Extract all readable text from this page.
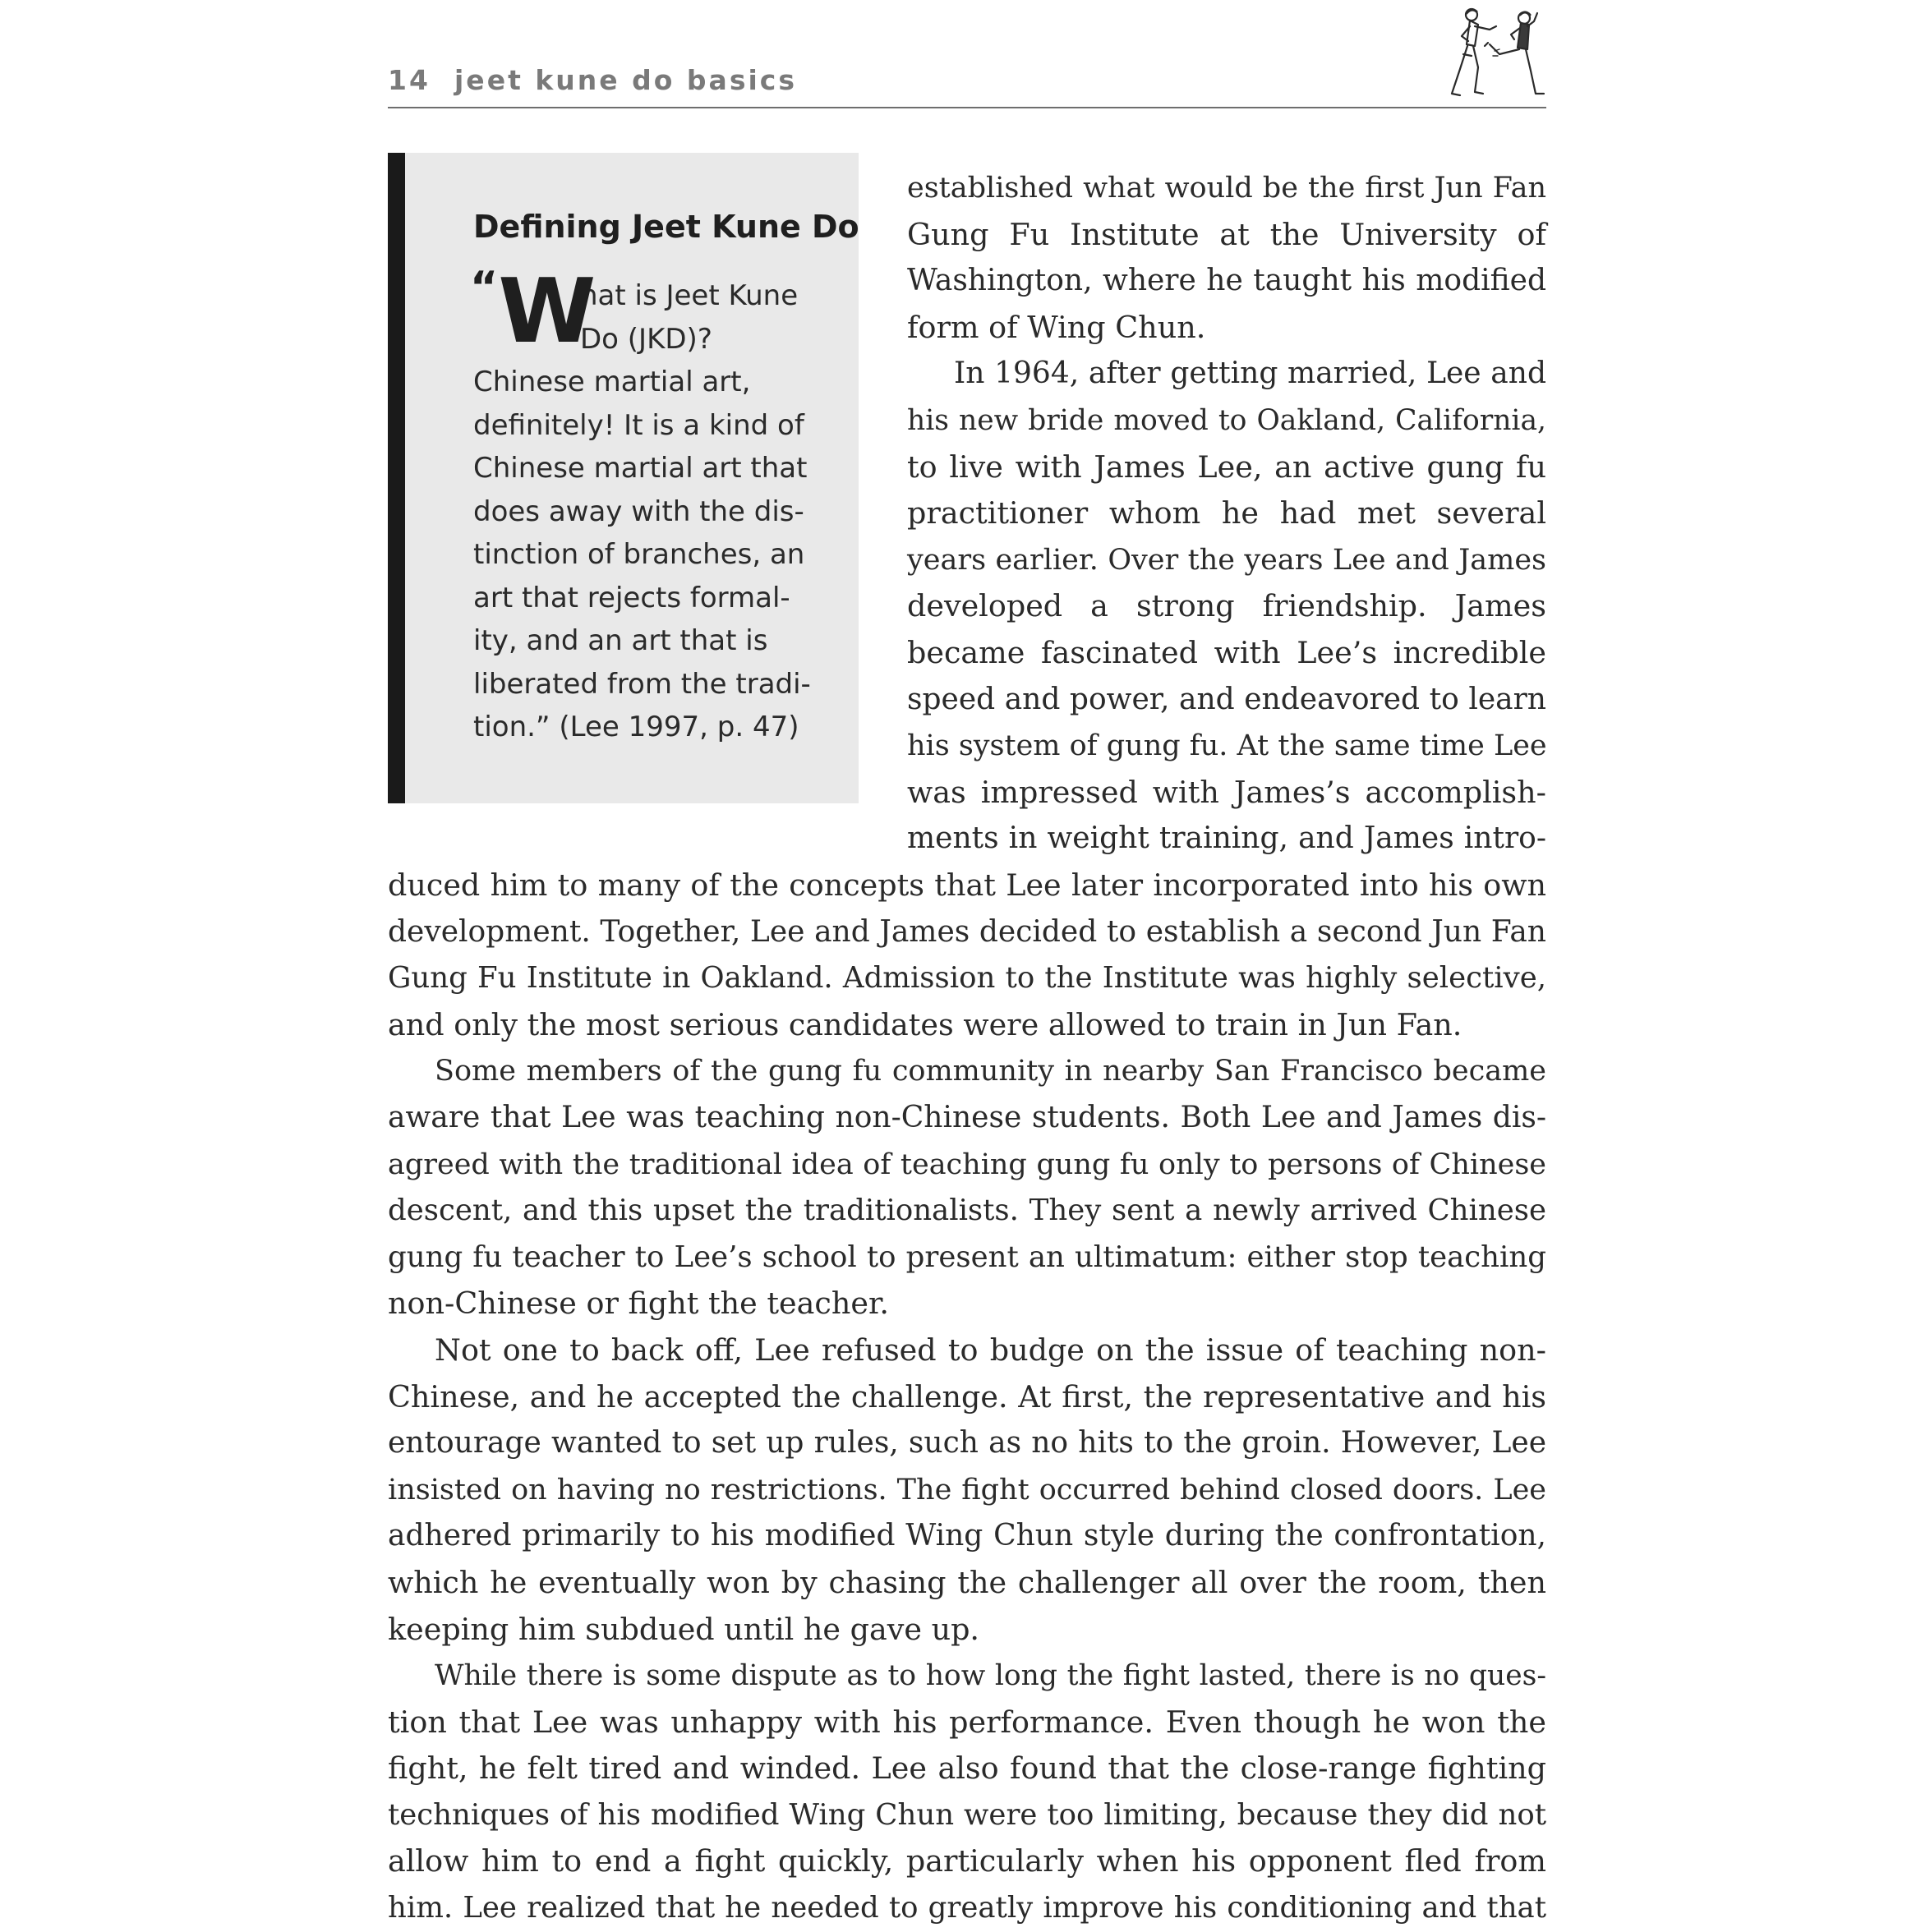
14 jeet kune do basics
Defining Jeet Kune Do
“W
hat is Jeet Kune
Do (JKD)?
Chinese martial art,
definitely! It is a kind of
Chinese martial art that
does away with the dis-
tinction of branches, an
art that rejects formal-
ity, and an art that is
liberated from the tradi-
tion.” (Lee 1997, p. 47)
established what would be the first Jun Fan
Gung Fu Institute at the University of
Washington, where he taught his modified
form of Wing Chun.
In 1964, after getting married, Lee and
his new bride moved to Oakland, California,
to live with James Lee, an active gung fu
practitioner whom he had met several
years earlier. Over the years Lee and James
developed a strong friendship. James
became fascinated with Lee’s incredible
speed and power, and endeavored to learn
his system of gung fu. At the same time Lee
was impressed with James’s accomplish-
ments in weight training, and James intro-
duced him to many of the concepts that Lee later incorporated into his own
development. Together, Lee and James decided to establish a second Jun Fan
Gung Fu Institute in Oakland. Admission to the Institute was highly selective,
and only the most serious candidates were allowed to train in Jun Fan.
Some members of the gung fu community in nearby San Francisco became
aware that Lee was teaching non-Chinese students. Both Lee and James dis-
agreed with the traditional idea of teaching gung fu only to persons of Chinese
descent, and this upset the traditionalists. They sent a newly arrived Chinese
gung fu teacher to Lee’s school to present an ultimatum: either stop teaching
non-Chinese or fight the teacher.
Not one to back off, Lee refused to budge on the issue of teaching non-
Chinese, and he accepted the challenge. At first, the representative and his
entourage wanted to set up rules, such as no hits to the groin. However, Lee
insisted on having no restrictions. The fight occurred behind closed doors. Lee
adhered primarily to his modified Wing Chun style during the confrontation,
which he eventually won by chasing the challenger all over the room, then
keeping him subdued until he gave up.
While there is some dispute as to how long the fight lasted, there is no ques-
tion that Lee was unhappy with his performance. Even though he won the
fight, he felt tired and winded. Lee also found that the close-range fighting
techniques of his modified Wing Chun were too limiting, because they did not
allow him to end a fight quickly, particularly when his opponent fled from
him. Lee realized that he needed to greatly improve his conditioning and that
